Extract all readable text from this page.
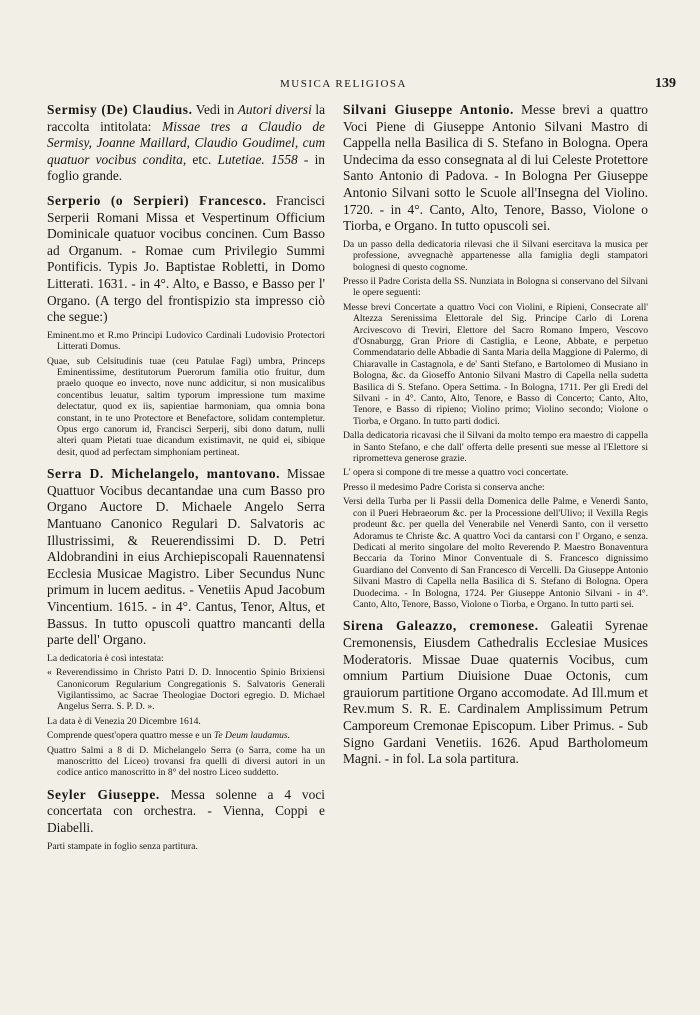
MUSICA RELIGIOSA	139

Sermisy (De) Claudius. Vedi in Autori diversi la raccolta intitolata: Missae tres a Claudio de Sermisy, Joanne Maillard, Claudio Goudimel, cum quatuor vocibus condita, etc. Lutetiae. 1558 - in foglio grande.

Serperio (o Serpieri) Francesco. Francisci Serperii Romani Missa et Vespertinum Officium Dominicale quatuor vocibus concinen. Cum Basso ad Organum. - Romae cum Privilegio Summi Pontificis. Typis Jo. Baptistae Robletti, in Domo Litterati. 1631. - in 4°. Alto, e Basso, e Basso per l' Organo. (A tergo del frontispizio sta impresso ciò che segue:)

Eminent.mo et R.mo Principi Ludovico Cardinali Ludovisio Protectori Litterati Domus.

Quae, sub Celsitudinis tuae (ceu Patulae Fagi) umbra, Princeps Eminentissime, destitutorum Puerorum familia otio fruitur, dum praelo quoque eo invecto, nove nunc addicitur, si non musicalibus concentibus leuatur, saltim typorum impressione tum maxime delectatur, quod ex iis, sapientiae harmoniam, qua omnia bona constant, in te uno Protectore et Benefactore, solidam contempletur. Opus ergo canorum id, Francisci Serperij, sibi dono datum, nulli alteri quam Pietati tuae dicandum existimavit, ne quid ei, sibique desit, quod ad perfectam simphoniam pertineat.

Serra D. Michelangelo, mantovano. Missae Quattuor Vocibus decantandae una cum Basso pro Organo Auctore D. Michaele Angelo Serra Mantuano Canonico Regulari D. Salvatoris ac Illustrissimi, & Reuerendissimi D. D. Petri Aldobrandini in eius Archiepiscopali Rauennatensi Ecclesia Musicae Magistro. Liber Secundus Nunc primum in lucem aeditus. - Venetiis Apud Jacobum Vincentium. 1615. - in 4°. Cantus, Tenor, Altus, et Bassus. In tutto opuscoli quattro mancanti della parte dell' Organo.

La dedicatoria è così intestata:

« Reverendissimo in Christo Patri D. D. Innocentio Spinio Brixiensi Canonicorum Regularium Congregationis S. Salvatoris Generali Vigilantissimo, ac Sacrae Theologiae Doctori egregio. D. Michael Angelus Serra. S. P. D. ».

La data è di Venezia 20 Dicembre 1614.

Comprende quest'opera quattro messe e un Te Deum laudamus.

Quattro Salmi a 8 di D. Michelangelo Serra (o Sarra, come ha un manoscritto del Liceo) trovansi fra quelli di diversi autori in un codice antico manoscritto in 8° del nostro Liceo suddetto.

Seyler Giuseppe. Messa solenne a 4 voci concertata con orchestra. - Vienna, Coppi e Diabelli.

Parti stampate in foglio senza partitura.

Silvani Giuseppe Antonio. Messe brevi a quattro Voci Piene di Giuseppe Antonio Silvani Mastro di Cappella nella Basilica di S. Stefano in Bologna. Opera Undecima da esso consegnata al di lui Celeste Protettore Santo Antonio di Padova. - In Bologna Per Giuseppe Antonio Silvani sotto le Scuole all'Insegna del Violino. 1720. - in 4°. Canto, Alto, Tenore, Basso, Violone o Tiorba, e Organo. In tutto opuscoli sei.

Da un passo della dedicatoria rilevasi che il Silvani esercitava la musica per professione, avvegnachè appartenesse alla famiglia degli stampatori bolognesi di questo cognome.

Presso il Padre Corista della SS. Nunziata in Bologna si conservano del Silvani le opere seguenti:

Messe brevi Concertate a quattro Voci con Violini, e Ripieni, Consecrate all' Altezza Serenissima Elettorale del Sig. Principe Carlo di Lorena Arcivescovo di Treviri, Elettore del Sacro Romano Impero, Vescovo d'Osnaburgg, Gran Priore di Castiglia, e Leone, Abbate, e perpetuo Commendatario delle Abbadie di Santa Maria della Maggione di Palermo, di Chiaravalle in Castagnola, e de' Santi Stefano, e Bartolomeo di Musiano in Bologna, &c. da Gioseffo Antonio Silvani Mastro di Capella nella sudetta Basilica di S. Stefano. Opera Settima. - In Bologna, 1711. Per gli Eredi del Silvani - in 4°. Canto, Alto, Tenore, e Basso di Concerto; Canto, Alto, Tenore, e Basso di ripieno; Violino primo; Violino secondo; Violone o Tiorba, e Organo. In tutto parti dodici.

Dalla dedicatoria ricavasi che il Silvani da molto tempo era maestro di cappella in Santo Stefano, e che dall' offerta delle presenti sue messe al l'Elettore si riprometteva generose grazie.

L' opera si compone di tre messe a quattro voci concertate.

Presso il medesimo Padre Corista si conserva anche:

Versi della Turba per li Passii della Domenica delle Palme, e Venerdì Santo, con il Pueri Hebraeorum &c. per la Processione dell'Ulivo; il Vexilla Regis prodeunt &c. per quella del Venerabile nel Venerdì Santo, con il versetto Adoramus te Christe &c. A quattro Voci da cantarsi con l' Organo, e senza. Dedicati al merito singolare del molto Reverendo P. Maestro Bonaventura Beccaria da Torino Minor Conventuale di S. Francesco dignissimo Guardiano del Convento di San Francesco di Vercelli. Da Giuseppe Antonio Silvani Mastro di Capella nella Basilica di S. Stefano di Bologna. Opera Duodecima. - In Bologna, 1724. Per Giuseppe Antonio Silvani - in 4°. Canto, Alto, Tenore, Basso, Violone o Tiorba, e Organo. In tutto parti sei.

Sirena Galeazzo, cremonese. Galeatii Syrenae Cremonensis, Eiusdem Cathedralis Ecclesiae Musices Moderatoris. Missae Duae quaternis Vocibus, cum omnium Partium Diuisione Duae Octonis, cum grauiorum partitione Organo accomodate. Ad Ill.mum et Rev.mum S. R. E. Cardinalem Amplissimum Petrum Camporeum Cremonae Episcopum. Liber Primus. - Sub Signo Gardani Venetiis. 1626. Apud Bartholomeum Magni. - in fol. La sola partitura.
